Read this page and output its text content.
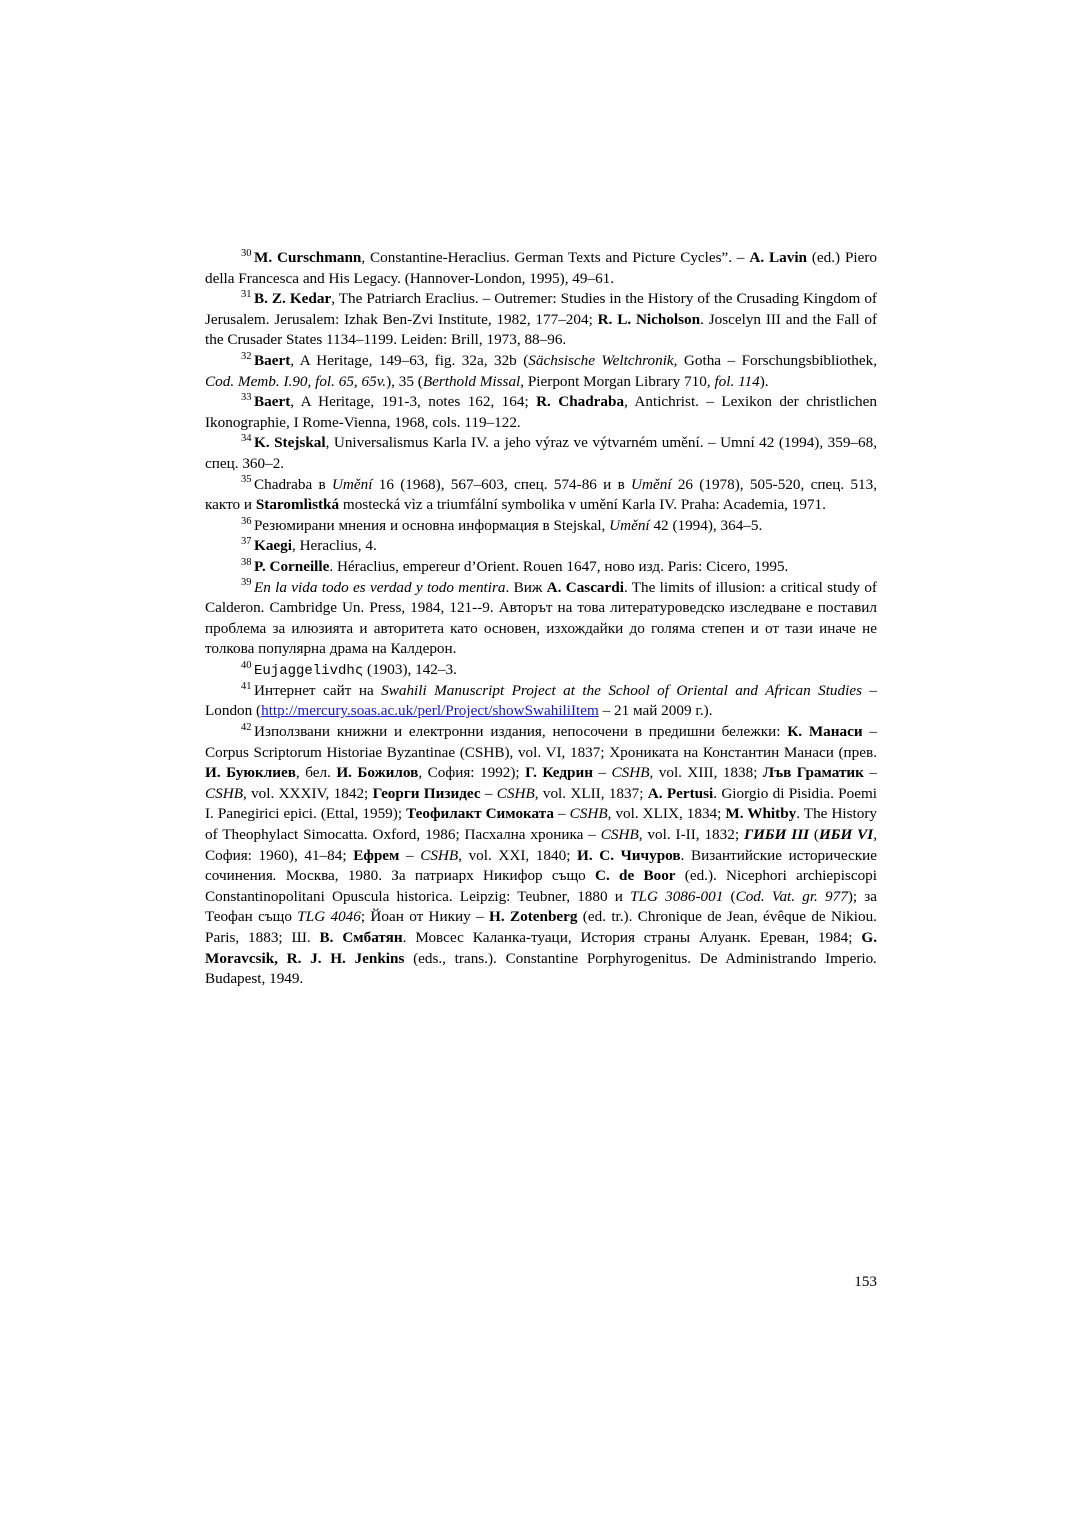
$^{30}$ M. Curschmann, Constantine-Heraclius. German Texts and Picture Cycles”. – A. Lavin (ed.) Piero della Francesca and His Legacy. (Hannover-London, 1995), 49–61.

$^{31}$ B. Z. Kedar, The Patriarch Eraclius. – Outremer: Studies in the History of the Crusading Kingdom of Jerusalem. Jerusalem: Izhak Ben-Zvi Institute, 1982, 177–204; R. L. Nicholson. Joscelyn III and the Fall of the Crusader States 1134–1199. Leiden: Brill, 1973, 88–96.

$^{32}$ Baert, A Heritage, 149–63, fig. 32a, 32b (Sächsische Weltchronik, Gotha – Forschungsbibliothek, Cod. Memb. I.90, fol. 65, 65v.), 35 (Berthold Missal, Pierpont Morgan Library 710, fol. 114).

$^{33}$ Baert, A Heritage, 191-3, notes 162, 164; R. Chadraba, Antichrist. – Lexikon der christlichen Ikonographie, I Rome-Vienna, 1968, cols. 119–122.

$^{34}$ K. Stejskal, Universalismus Karla IV. a jeho výraz ve výtvarném umění. – Umní 42 (1994), 359–68, спец. 360–2.

$^{35}$ Chadraba в Umění 16 (1968), 567–603, спец. 574-86 и в Umění 26 (1978), 505-520, спец. 513, както и Staromlìstká mostecká vìz a triumfální symbolika v umění Karla IV. Praha: Academia, 1971.

$^{36}$ Резюмирани мнения и основна информация в Stejskal, Umění 42 (1994), 364–5.

$^{37}$ Kaegi, Heraclius, 4.

$^{38}$ P. Corneille. Héraclius, empereur d’Orient. Rouen 1647, ново изд. Paris: Cicero, 1995.

$^{39}$ En la vida todo es verdad y todo mentira. Виж A. Cascardi. The limits of illusion: a critical study of Calderon. Cambridge Un. Press, 1984, 121--9. Авторът на това литературоведско изследване е поставил проблема за илюзията и авторитета като основен, изхождайки до голяма степен и от тази иначе не толкова популярна драма на Калдерон.

$^{40}$ Eujaggelivdhς (1903), 142–3.

$^{41}$ Интернет сайт на Swahili Manuscript Project at the School of Oriental and African Studies – London (http://mercury.soas.ac.uk/perl/Project/showSwahiliItem – 21 май 2009 г.).

$^{42}$ Използвани книжни и електронни издания, непосочени в предишни бележки: К. Манаси – Corpus Scriptorum Historiae Byzantinae (CSHB), vol. VI, 1837; Хрониката на Константин Манаси (прев. И. Буюклиев, бел. И. Божилов, София: 1992); Г. Кедрин – CSHB, vol. XIII, 1838; Лъв Граматик – CSHB, vol. XXXIV, 1842; Георги Пизидес – CSHB, vol. XLII, 1837; A. Pertusi. Giorgio di Pisidia. Poemi I. Panegirici epici. (Ettal, 1959); Теофилакт Симоката – CSHB, vol. XLIX, 1834; M. Whitby. The History of Theophylact Simocatta. Oxford, 1986; Пасхална хроника – CSHB, vol. I-II, 1832; ГИБИ III (ИБИ VI, София: 1960), 41–84; Ефрем – CSHB, vol. XXI, 1840; И. С. Чичуров. Византийские исторические сочинения. Москва, 1980. За патриарх Никифор също C. de Boor (ed.). Nicephori archiepiscopi Constantinopolitani Opuscula historica. Leipzig: Teubner, 1880 и TLG 3086-001 (Cod. Vat. gr. 977); за Теофан също TLG 4046; Йоан от Никиу – H. Zotenberg (ed. tr.). Chronique de Jean, évêque de Nikiou. Paris, 1883; Ш. В. Смбатян. Мовсес Каланка-туаци, История страны Алуанк. Ереван, 1984; G. Moravcsik, R. J. H. Jenkins (eds., trans.). Constantine Porphyrogenitus. De Administrando Imperio. Budapest, 1949.

153
